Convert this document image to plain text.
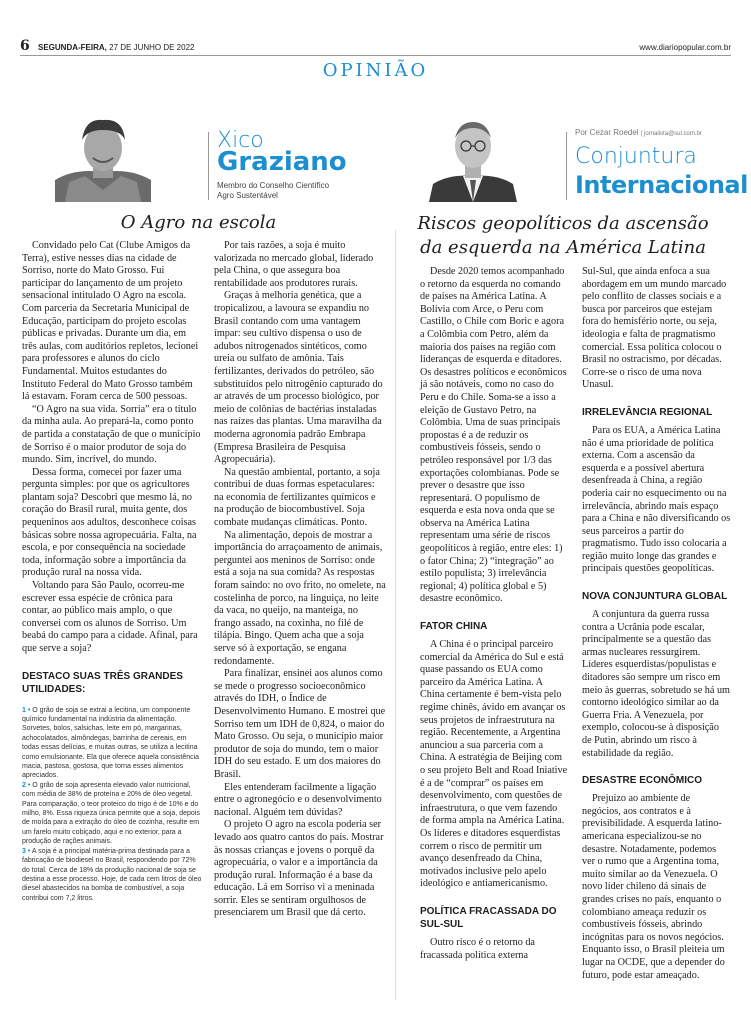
6 SEGUNDA-FEIRA, 27 DE JUNHO DE 2022	www.diariopopular.com.br
OPINIÃO
Xico
Graziano
Membro do Conselho Científico
Agro Sustentável
Por Cezar Roedel | jornalista@sul.com.br
Conjuntura
Internacional
O Agro na escola	Riscos geopolíticos da ascensão
da esquerda na América Latina

Convidado pelo Cat (Clube Amigos da Terra), estive nesses dias na cidade de Sorriso, norte do Mato Grosso. Fui participar do lançamento de um projeto sensacional intitulado O Agro na escola. Com parceria da Secretaria Municipal de Educação, participam do projeto escolas públicas e privadas. Durante um dia, em três aulas, com auditórios repletos, lecionei para professores e alunos do ciclo Fundamental. Muitos estudantes do Instituto Federal do Mato Grosso também lá estavam. Foram cerca de 500 pessoas.

“O Agro na sua vida. Sorria” era o título da minha aula. Ao prepará-la, como ponto de partida a constatação de que o município de Sorriso é o maior produtor de soja do mundo. Sim, incrível, do mundo.

Dessa forma, comecei por fazer uma pergunta simples: por que os agricultores plantam soja? Descobri que mesmo lá, no coração do Brasil rural, muita gente, dos pequeninos aos adultos, desconhece coisas básicas sobre nossa agropecuária. Falta, na escola, e por consequência na sociedade toda, informação sobre a importância da produção rural na nossa vida.

Voltando para São Paulo, ocorreu-me escrever essa espécie de crônica para contar, ao público mais amplo, o que conversei com os alunos de Sorriso. Um beabá do campo para a cidade. Afinal, para que serve a soja?

DESTACO SUAS TRÊS GRANDES UTILIDADES:
1 • O grão de soja se extrai a lecitina, um componente químico fundamental na indústria da alimentação. Sorvetes, bolos, salsichas, leite em pó, margarinas, achocolatados, almôndegas, barrinha de cereais, em todas essas delícias, e muitas outras, se utiliza a lecitina como emulsionante. Ela que oferece aquela consistência macia, pastosa, gostosa, que torna esses alimentos apreciados.
2 • O grão de soja apresenta elevado valor nutricional, com média de 38% de proteína e 20% de óleo vegetal. Para comparação, o teor proteico do trigo é de 10% e do milho, 8%. Essa riqueza única permite que a soja, depois de moída para a extração do óleo de cozinha, resulte em um farelo muito cobiçado, aqui e no exterior, para a produção de rações animais.
3 • A soja é a principal matéria-prima destinada para a fabricação de biodiesel no Brasil, respondendo por 72% do total. Cerca de 18% da produção nacional de soja se destina a esse processo. Hoje, de cada cem litros de óleo diesel abastecidos na bomba de combustível, a soja contribui com 7,2 litros.

Por tais razões, a soja é muito valorizada no mercado global, liderado pela China, o que assegura boa rentabilidade aos produtores rurais.

Graças à melhoria genética, que a tropicalizou, a lavoura se expandiu no Brasil contando com uma vantagem ímpar: seu cultivo dispensa o uso de adubos nitrogenados sintéticos, como ureia ou sulfato de amônia. Tais fertilizantes, derivados do petróleo, são substituídos pelo nitrogênio capturado do ar através de um processo biológico, por meio de colônias de bactérias instaladas nas raízes das plantas. Uma maravilha da moderna agronomia padrão Embrapa (Empresa Brasileira de Pesquisa Agropecuária).

Na questão ambiental, portanto, a soja contribui de duas formas espetaculares: na economia de fertilizantes químicos e na produção de biocombustível. Soja combate mudanças climáticas. Ponto.

Na alimentação, depois de mostrar a importância do arraçoamento de animais, perguntei aos meninos de Sorriso: onde está a soja na sua comida? As respostas foram saindo: no ovo frito, no omelete, na costelinha de porco, na linguiça, no leite da vaca, no queijo, na manteiga, no frango assado, na coxinha, no filé de tilápia. Bingo. Quem acha que a soja serve só à exportação, se engana redondamente.

Para finalizar, ensinei aos alunos como se mede o progresso socioeconômico através do IDH, o Índice de Desenvolvimento Humano. E mostrei que Sorriso tem um IDH de 0,824, o maior do Mato Grosso. Ou seja, o município maior produtor de soja do mundo, tem o maior IDH do seu estado. E um dos maiores do Brasil.

Eles entenderam facilmente a ligação entre o agronegócio e o desenvolvimento nacional. Alguém tem dúvidas?

O projeto O agro na escola poderia ser levado aos quatro cantos do país. Mostrar às nossas crianças e jovens o porquê da agropecuária, o valor e a importância da produção rural. Informação é a base da educação. Lá em Sorriso vi a meninada sorrir. Eles se sentiram orgulhosos de presenciarem um Brasil que dá certo.

Desde 2020 temos acompanhado o retorno da esquerda no comando de países na América Latina. A Bolívia com Arce, o Peru com Castillo, o Chile com Boric e agora a Colômbia com Petro, além da maioria dos países na região com lideranças de esquerda e ditadores. Os desastres políticos e econômicos já são notáveis, como no caso do Peru e do Chile. Soma-se a isso a eleição de Gustavo Petro, na Colômbia. Uma de suas principais propostas é a de reduzir os combustíveis fósseis, sendo o petróleo responsável por 1/3 das exportações colombianas. Pode se prever o desastre que isso representará. O populismo de esquerda e esta nova onda que se observa na América Latina representam uma série de riscos geopolíticos à região, entre eles: 1) o fator China; 2) “integração” ao estilo populista; 3) irrelevância regional; 4) política global e 5) desastre econômico.

FATOR CHINA

A China é o principal parceiro comercial da América do Sul e está quase passando os EUA como parceiro da América Latina. A China certamente é bem-vista pelo regime chinês, ávido em avançar os seus projetos de infraestrutura na região. Recentemente, a Argentina anunciou a sua parceria com a China. A estratégia de Beijing com o seu projeto Belt and Road Iniative é a de “comprar” os países em desenvolvimento, com questões de infraestrutura, o que vem fazendo de forma ampla na América Latina. Os líderes e ditadores esquerdistas correm o risco de permitir um avanço desenfreado da China, motivados inclusive pelo apelo ideológico e antiamericanismo.

POLÍTICA FRACASSADA DO SUL-SUL

Outro risco é o retorno da fracassada política externa

Sul-Sul, que ainda enfoca a sua abordagem em um mundo marcado pelo conflito de classes sociais e a busca por parceiros que estejam fora do hemisfério norte, ou seja, ideologia e falta de pragmatismo comercial. Essa política colocou o Brasil no ostracismo, por décadas. Corre-se o risco de uma nova Unasul.

IRRELEVÂNCIA REGIONAL

Para os EUA, a América Latina não é uma prioridade de política externa. Com a ascensão da esquerda e a possível abertura desenfreada à China, a região poderia cair no esquecimento ou na irrelevância, abrindo mais espaço para a China e não diversificando os seus parceiros a partir do pragmatismo. Tudo isso colocaria a região muito longe das grandes e principais questões geopolíticas.

NOVA CONJUNTURA GLOBAL

A conjuntura da guerra russa contra a Ucrânia pode escalar, principalmente se a questão das armas nucleares ressurgirem. Líderes esquerdistas/populistas e ditadores são sempre um risco em meio às guerras, sobretudo se há um contorno ideológico similar ao da Guerra Fria. A Venezuela, por exemplo, colocou-se à disposição de Putin, abrindo um risco à estabilidade da região.

DESASTRE ECONÔMICO

Prejuízo ao ambiente de negócios, aos contratos e à previsibilidade. A esquerda latino-americana especializou-se no desastre. Notadamente, podemos ver o rumo que a Argentina toma, muito similar ao da Venezuela. O novo líder chileno dá sinais de grandes crises no país, enquanto o colombiano ameaça reduzir os combustíveis fósseis, abrindo incógnitas para os novos negócios. Enquanto isso, o Brasil pleiteia um lugar na OCDE, que a depender do futuro, pode estar ameaçado.
